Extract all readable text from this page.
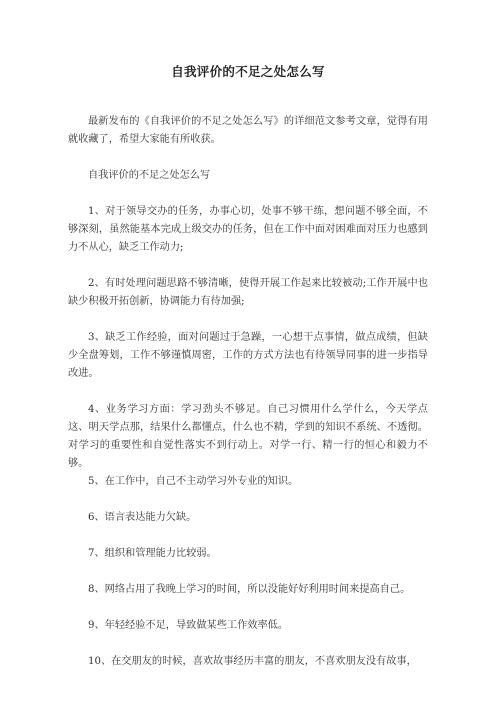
自我评价的不足之处怎么写

最新发布的《自我评价的不足之处怎么写》的详细范文参考文章，觉得有用就收藏了，希望大家能有所收获。

自我评价的不足之处怎么写

1、对于领导交办的任务，办事心切，处事不够干练，想问题不够全面，不够深刻，虽然能基本完成上级交办的任务，但在工作中面对困难面对压力也感到力不从心，缺乏工作动力;

2、有时处理问题思路不够清晰，使得开展工作起来比较被动;工作开展中也缺少积极开拓创新，协调能力有待加强;

3、缺乏工作经验，面对问题过于急躁，一心想干点事情，做点成绩，但缺少全盘筹划，工作不够谨慎周密，工作的方式方法也有待领导同事的进一步指导改进。

4、业务学习方面：学习劲头不够足。自己习惯用什么学什么，今天学点这、明天学点那，结果什么都懂点，什么也不精，学到的知识不系统、不透彻。对学习的重要性和自觉性落实不到行动上。对学一行、精一行的恒心和毅力不够。

5、在工作中，自己不主动学习外专业的知识。

6、语言表达能力欠缺。

7、组织和管理能力比较弱。

8、网络占用了我晚上学习的时间，所以没能好好利用时间来提高自己。

9、年轻经验不足，导致做某些工作效率低。

10、在交朋友的时候，喜欢故事经历丰富的朋友，不喜欢朋友没有故事，
